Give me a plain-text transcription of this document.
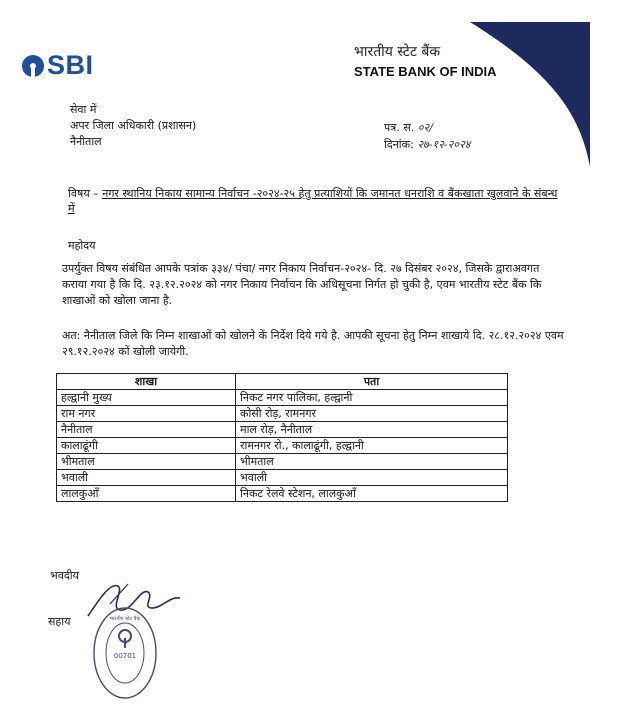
SBI	भारतीय स्टेट बैंक
STATE BANK OF INDIA
सेवा में
अपर जिला अधिकारी (प्रशासन)
नैनीताल
पत्र. स. ०२/
दिनांक: २७-१२-२०२४
विषय – नगर स्थानिय निकाय सामान्य निर्वाचन -२०२४-२५ हेतु प्रत्याशियों कि जमानत धनराशि व बैंकखाता खुलवाने के संबन्ध में
महोदय
उपर्युक्त विषय संबंधित आपके पत्रांक ३३४/ पंचा/ नगर निकाय निर्वाचन-२०२४- दि. २७ दिसंबर २०२४, जिसके द्वाराअवगत कराया गया है कि दि. २३.१२.२०२४ को नगर निकाय निर्वाचन कि अधिसूचना निर्गत हो चुकी है, एवम भारतीय स्टेट बैंक कि शाखाओं को खोला जाना है.
अत: नैनीताल जिले कि निम्न शाखाओं को खोलने कें निर्देश दिये गये है. आपकी सूचना हेतु निम्न शाखाये दि. २८.१२.२०२४ एवम २९.१२.२०२४ कों खोली जायेगी.
शाखा	पता
हल्द्वानी मुख्य	निकट नगर पालिका, हल्द्वानी
राम नगर	कोसी रोड़, रामनगर
नैनीताल	माल रोड़, नैनीताल
कालाढूंगी	रामनगर रो., कालाढूंगी, हल्द्वानी
भीमताल	भीमताल
भवाली	भवाली
लालकुआँ	निकट रेलवे स्टेशन, लालकुआँ
भवदीय
सहाय
00701
भारतीय स्टेट बैंक
